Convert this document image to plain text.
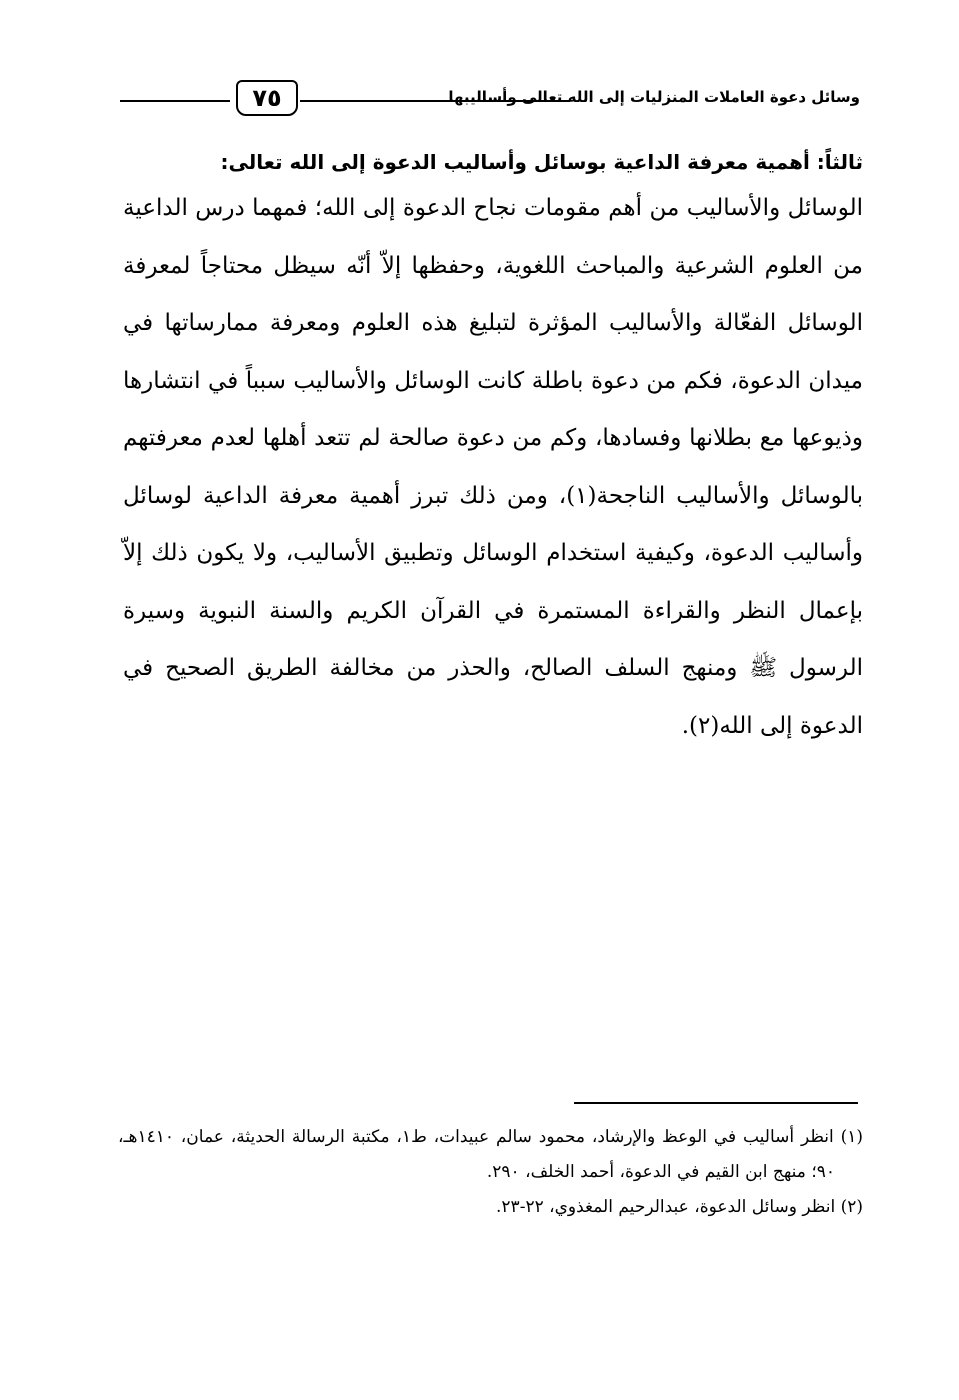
٧٥	وسائل دعوة العاملات المنزليات إلى الله تعالى وأساليبها
ثالثاً: أهمية معرفة الداعية بوسائل وأساليب الدعوة إلى الله تعالى:

الوسائل والأساليب من أهم مقومات نجاح الدعوة إلى الله؛ فمهما درس الداعية من العلوم الشرعية والمباحث اللغوية، وحفظها إلاّ أنّه سيظل محتاجاً لمعرفة الوسائل الفعّالة والأساليب المؤثرة لتبليغ هذه العلوم ومعرفة ممارساتها في ميدان الدعوة، فكم من دعوة باطلة كانت الوسائل والأساليب سبباً في انتشارها وذيوعها مع بطلانها وفسادها، وكم من دعوة صالحة لم تتعد أهلها لعدم معرفتهم بالوسائل والأساليب الناجحة(١)، ومن ذلك تبرز أهمية معرفة الداعية لوسائل وأساليب الدعوة، وكيفية استخدام الوسائل وتطبيق الأساليب، ولا يكون ذلك إلاّ بإعمال النظر والقراءة المستمرة في القرآن الكريم والسنة النبوية وسيرة الرسول ﷺ ومنهج السلف الصالح، والحذر من مخالفة الطريق الصحيح في الدعوة إلى الله(٢).

(١) انظر أساليب في الوعظ والإرشاد، محمود سالم عبيدات، ط١، مكتبة الرسالة الحديثة، عمان، ١٤١٠هـ، ٩٠؛ منهج ابن القيم في الدعوة، أحمد الخلف، ٢٩٠.

(٢) انظر وسائل الدعوة، عبدالرحيم المغذوي، ٢٢-٢٣.
